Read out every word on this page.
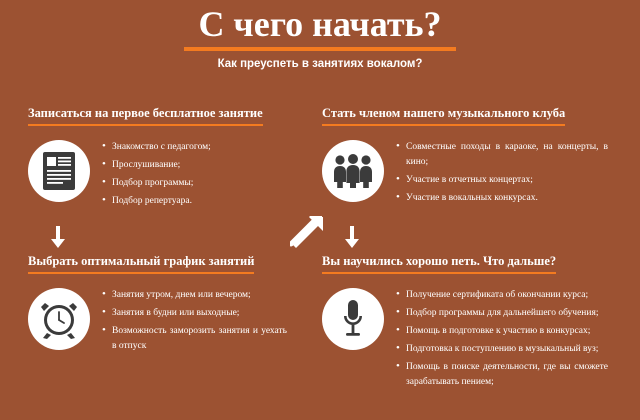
С чего начать?
Как преуспеть в занятиях вокалом?
Записаться на первое бесплатное занятие
• Знакомство с педагогом;
• Прослушивание;
• Подбор программы;
• Подбор репертуара.
Стать членом нашего музыкального клуба
• Совместные походы в караоке, на концерты, в кино;
• Участие в отчетных концертах;
• Участие в вокальных конкурсах.
Выбрать оптимальный график занятий
• Занятия утром, днем или вечером;
• Занятия в будни или выходные;
• Возможность заморозить занятия и уехать в отпуск
Вы научились хорошо петь. Что дальше?
• Получение сертификата об окончании курса;
• Подбор программы для дальнейшего обучения;
• Помощь в подготовке к участию в конкурсах;
• Подготовка к поступлению в музыкальный вуз;
• Помощь в поиске деятельности, где вы сможете зарабатывать пением;
